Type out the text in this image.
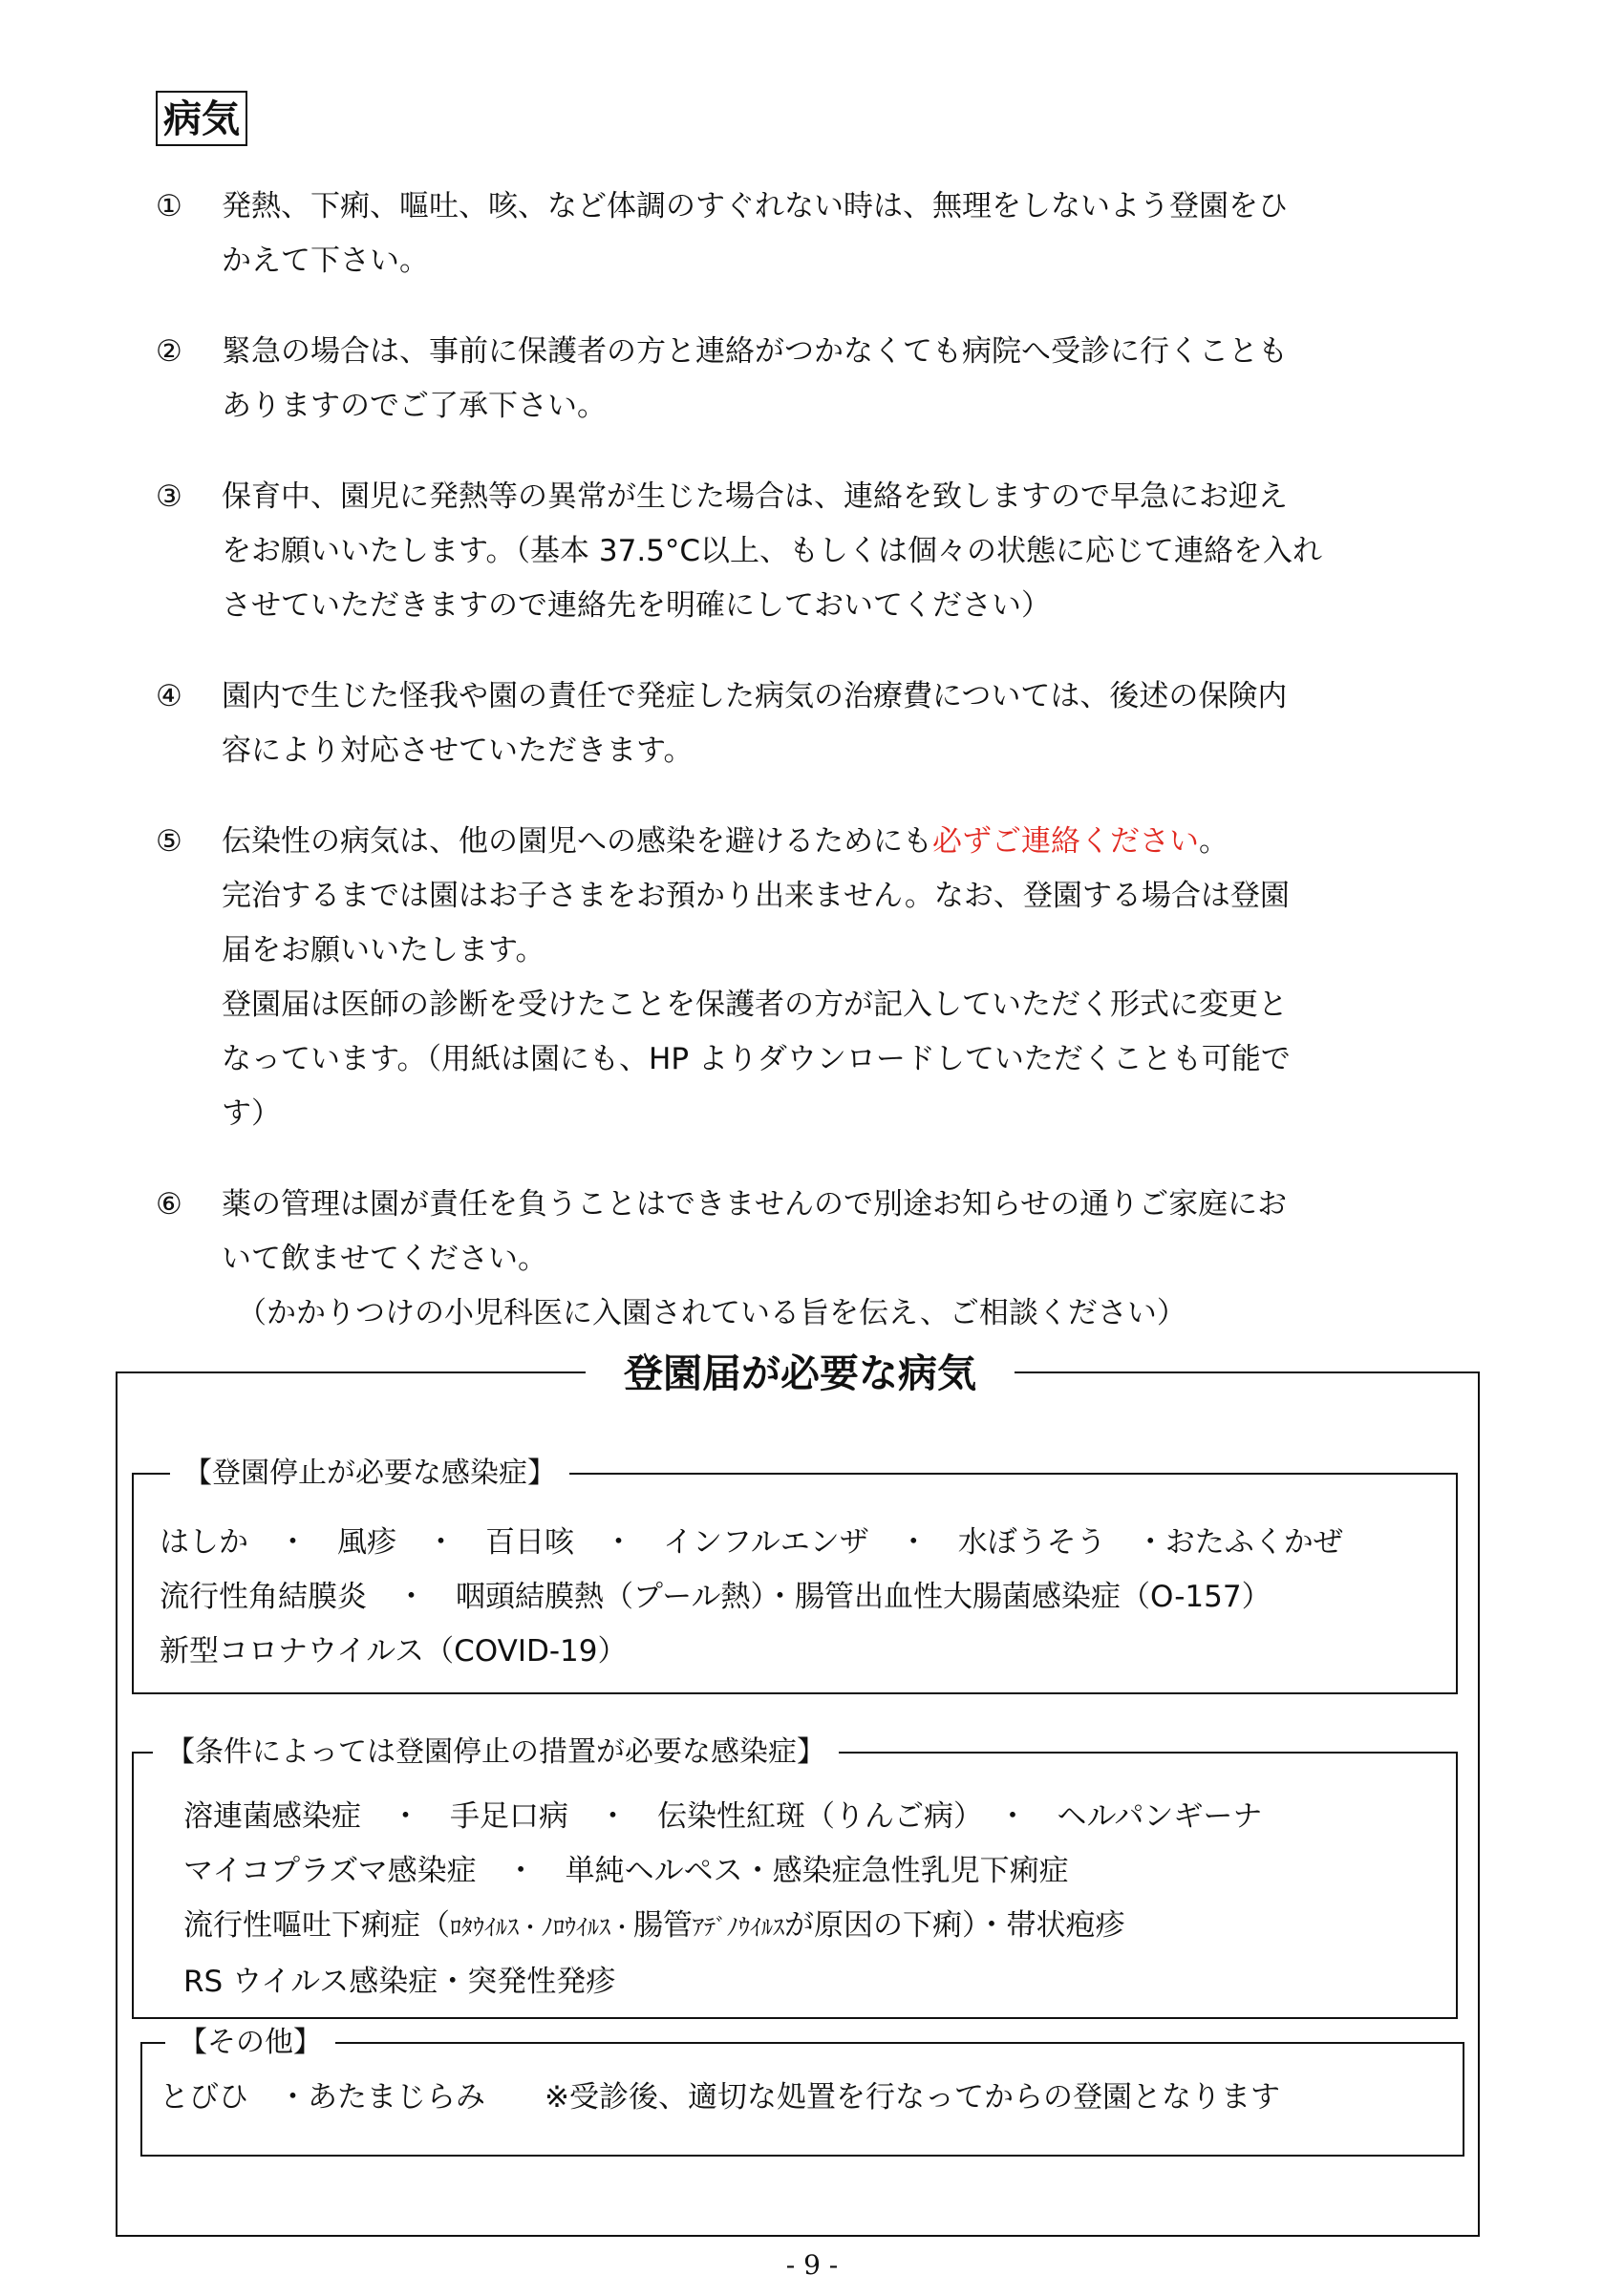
病気
① 発熱、下痢、嘔吐、咳、など体調のすぐれない時は、無理をしないよう登園をひ

かえて下さい。

② 緊急の場合は、事前に保護者の方と連絡がつかなくても病院へ受診に行くことも

ありますのでご了承下さい。

③ 保育中、園児に発熱等の異常が生じた場合は、連絡を致しますので早急にお迎え

をお願いいたします。（基本 37.5°C以上、もしくは個々の状態に応じて連絡を入れ

させていただきますので連絡先を明確にしておいてください）

④ 園内で生じた怪我や園の責任で発症した病気の治療費については、後述の保険内

容により対応させていただきます。

⑤ 伝染性の病気は、他の園児への感染を避けるためにも必ずご連絡ください。

完治するまでは園はお子さまをお預かり出来ません。なお、登園する場合は登園

届をお願いいたします。

登園届は医師の診断を受けたことを保護者の方が記入していただく形式に変更と

なっています。（用紙は園にも、HP よりダウンロードしていただくことも可能で

す）

⑥ 薬の管理は園が責任を負うことはできませんので別途お知らせの通りご家庭にお

いて飲ませてください。

（かかりつけの小児科医に入園されている旨を伝え、ご相談ください）

登園届が必要な病気
【登園停止が必要な感染症】

はしか　・　風疹　・　百日咳　・　インフルエンザ　・　水ぼうそう　・おたふくかぜ

流行性角結膜炎　・　咽頭結膜熱（プール熱）・腸管出血性大腸菌感染症（O-157）

新型コロナウイルス（COVID-19）

【条件によっては登園停止の措置が必要な感染症】

溶連菌感染症　・　手足口病　・　伝染性紅斑（りんご病）　・　ヘルパンギーナ

マイコプラズマ感染症　・　単純ヘルペス・感染症急性乳児下痢症

流行性嘔吐下痢症（ﾛﾀｳｲﾙｽ・ﾉﾛｳｲﾙｽ・腸管ｱﾃﾞﾉｳｲﾙｽが原因の下痢）・帯状疱疹

RS ウイルス感染症・突発性発疹

【その他】

とびひ　・あたまじらみ　　※受診後、適切な処置を行なってからの登園となります

- 9 -
